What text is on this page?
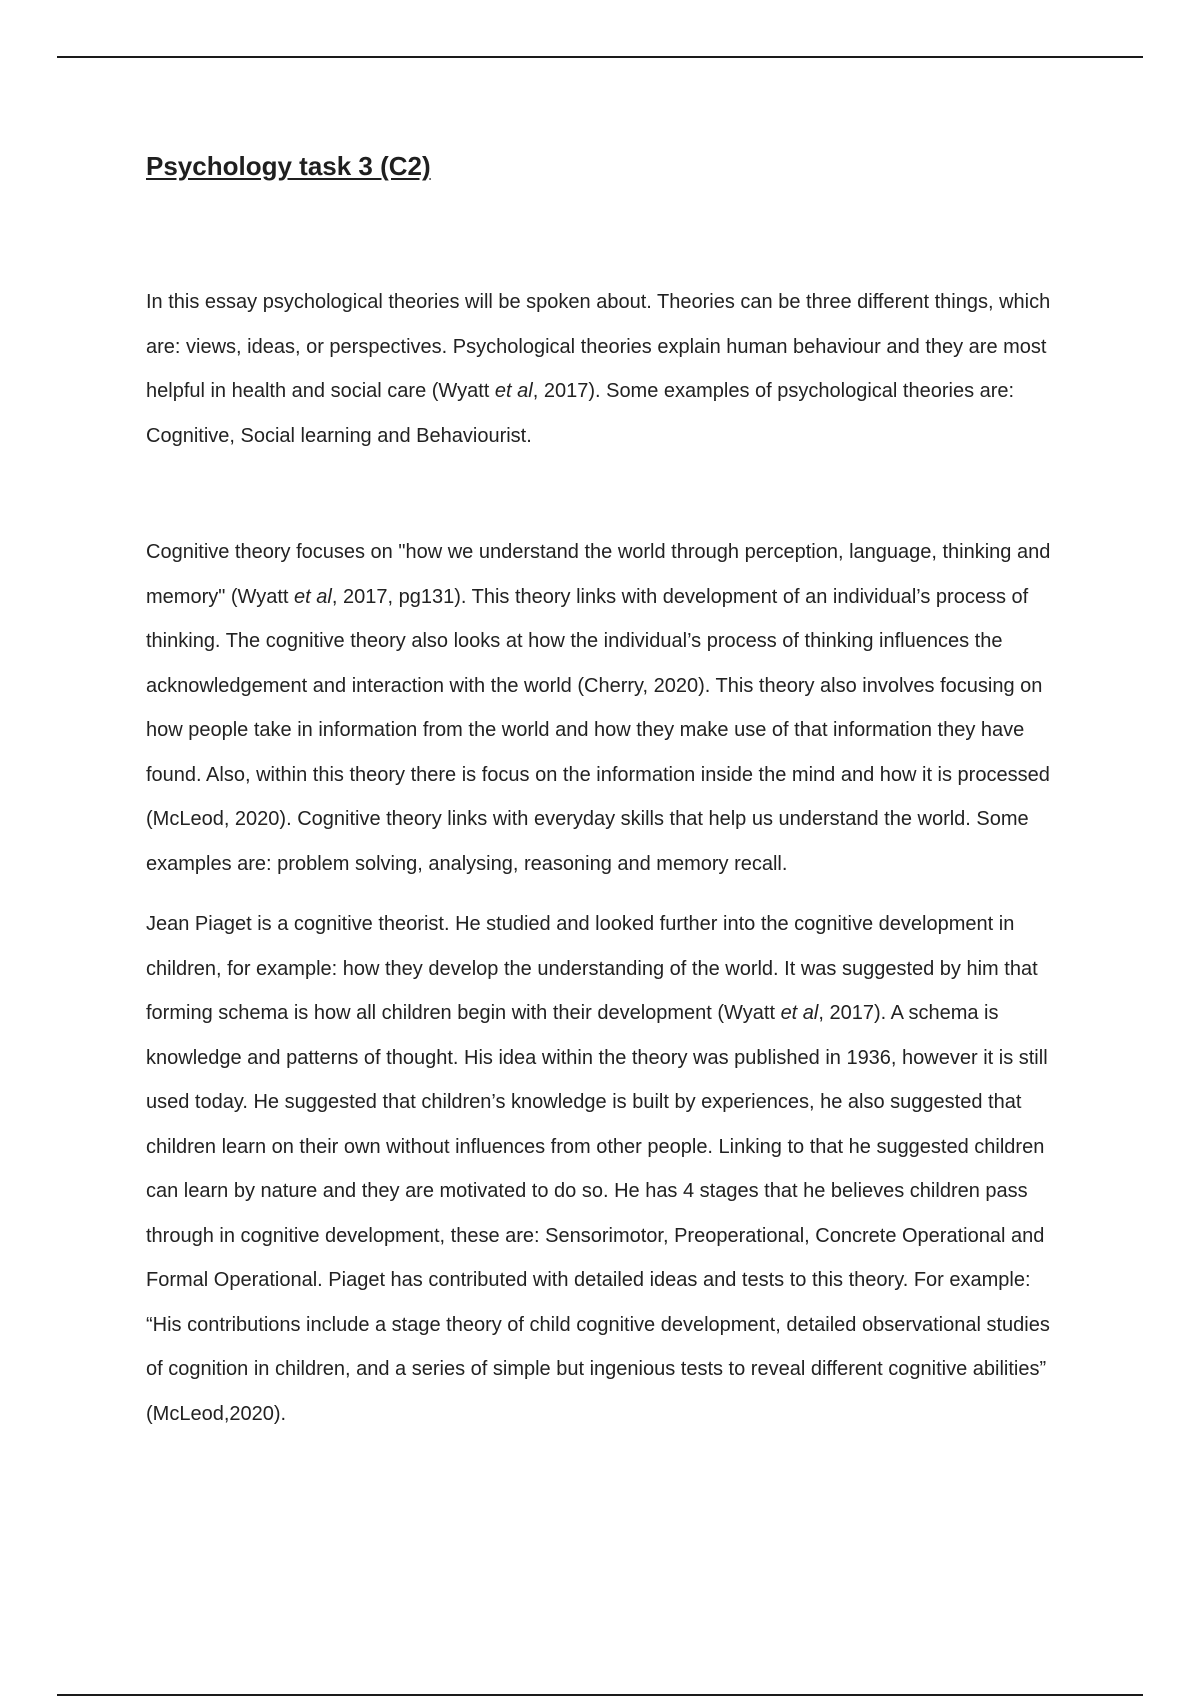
Psychology task 3 (C2)

In this essay psychological theories will be spoken about. Theories can be three different things, which are: views, ideas, or perspectives. Psychological theories explain human behaviour and they are most helpful in health and social care (Wyatt et al, 2017). Some examples of psychological theories are: Cognitive, Social learning and Behaviourist.

Cognitive theory focuses on "how we understand the world through perception, language, thinking and memory" (Wyatt et al, 2017, pg131). This theory links with development of an individual’s process of thinking. The cognitive theory also looks at how the individual’s process of thinking influences the acknowledgement and interaction with the world (Cherry, 2020). This theory also involves focusing on how people take in information from the world and how they make use of that information they have found. Also, within this theory there is focus on the information inside the mind and how it is processed (McLeod, 2020). Cognitive theory links with everyday skills that help us understand the world. Some examples are: problem solving, analysing, reasoning and memory recall.

Jean Piaget is a cognitive theorist. He studied and looked further into the cognitive development in children, for example: how they develop the understanding of the world. It was suggested by him that forming schema is how all children begin with their development (Wyatt et al, 2017). A schema is knowledge and patterns of thought. His idea within the theory was published in 1936, however it is still used today. He suggested that children’s knowledge is built by experiences, he also suggested that children learn on their own without influences from other people. Linking to that he suggested children can learn by nature and they are motivated to do so. He has 4 stages that he believes children pass through in cognitive development, these are: Sensorimotor, Preoperational, Concrete Operational and Formal Operational. Piaget has contributed with detailed ideas and tests to this theory. For example: “His contributions include a stage theory of child cognitive development, detailed observational studies of cognition in children, and a series of simple but ingenious tests to reveal different cognitive abilities” (McLeod,2020).
